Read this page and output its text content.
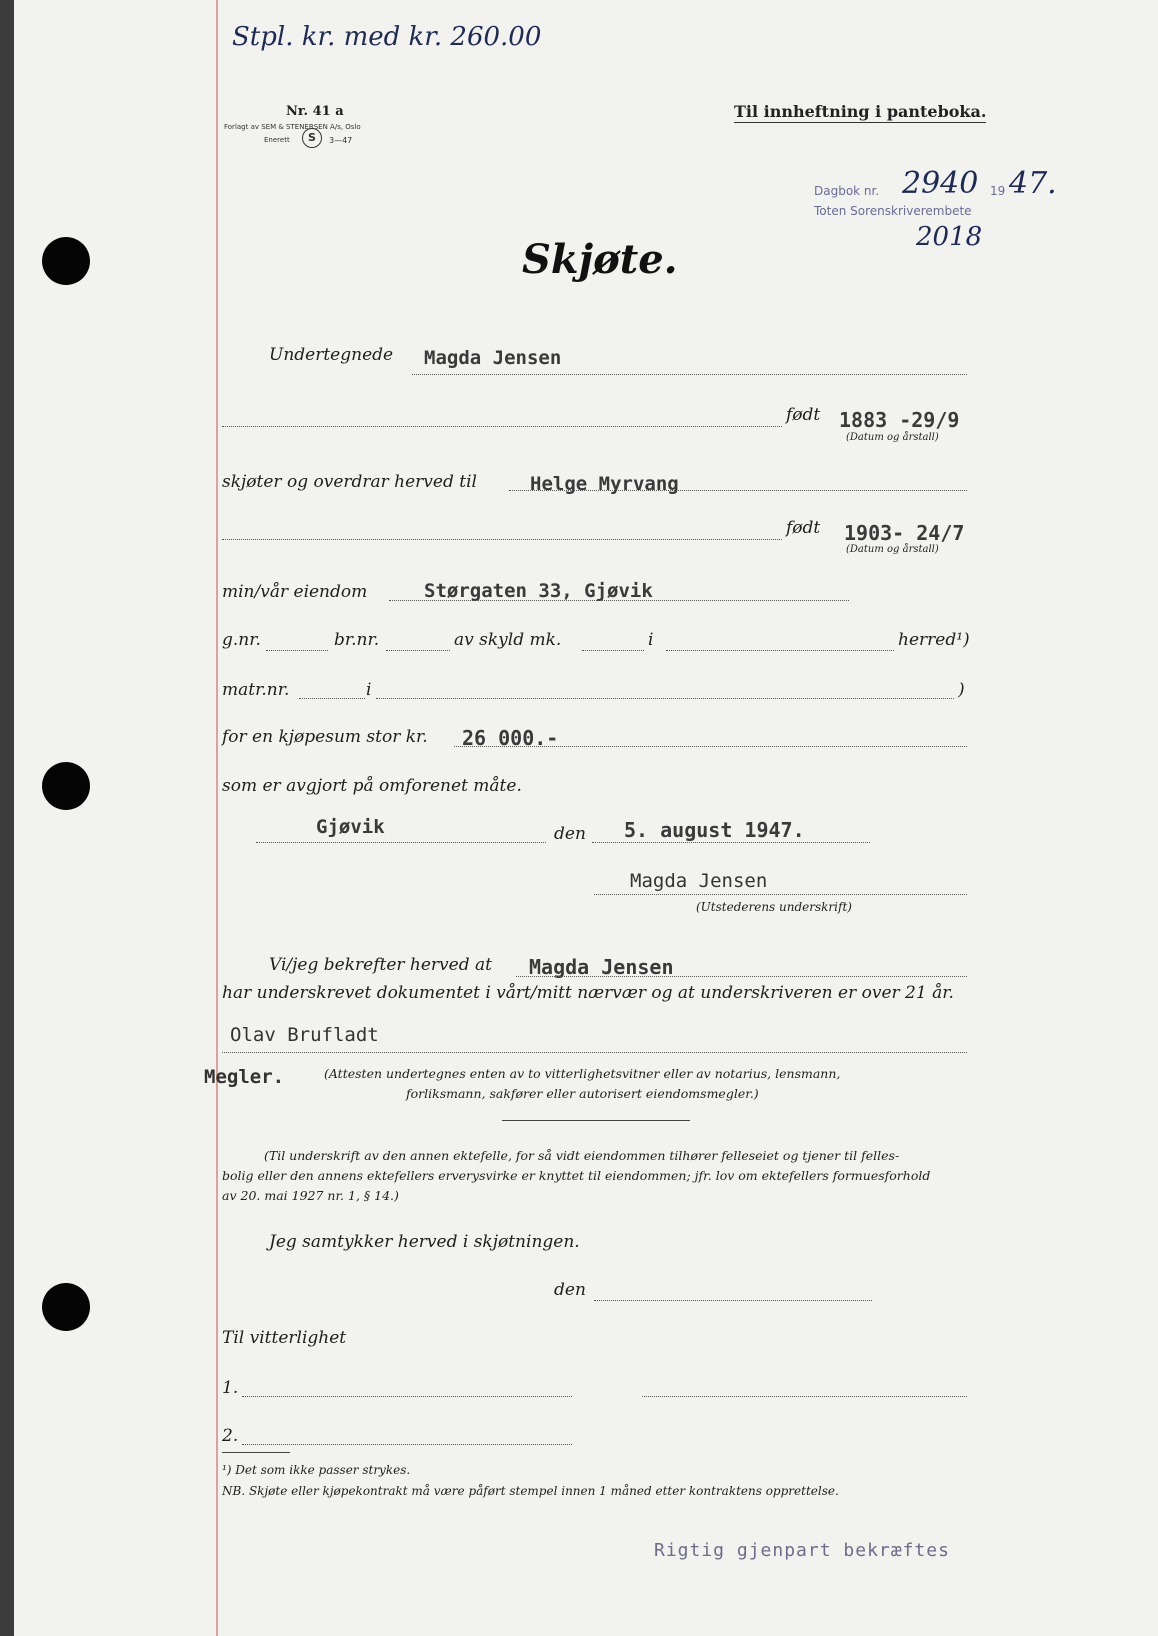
Stpl. kr. med kr. 260.00
Nr. 41 a
Forlagt av SEM & STENERSEN A/s, Oslo
Enerett	S	3—47
Til innheftning i panteboka.
Dagbok nr. 2940 19 47.
Toten Sorenskriverembete
2018
Skjøte.
Undertegnede Magda Jensen
født 1883 -29/9
(Datum og årstall)
skjøter og overdrar herved til	Helge Myrvang
født 1903- 24/7
(Datum og årstall)
min/vår eiendom	Størgaten 33, Gjøvik
g.nr.	br.nr.	av skyld mk.	i	herred¹)
matr.nr.	i	)
for en kjøpesum stor kr. 26 000.-
som er avgjort på omforenet måte.
Gjøvik	den 5. august 1947.
Magda Jensen
(Utstederens underskrift)
Vi/jeg bekrefter herved at Magda Jensen
har underskrevet dokumentet i vårt/mitt nærvær og at underskriveren er over 21 år.
Olav Brufladt
Megler.	(Attesten undertegnes enten av to vitterlighetsvitner eller av notarius, lensmann,
forliksmann, sakfører eller autorisert eiendomsmegler.)
(Til underskrift av den annen ektefelle, for så vidt eiendommen tilhører felleseiet og tjener til felles-
bolig eller den annens ektefellers erverysvirke er knyttet til eiendommen; jfr. lov om ektefellers formuesforhold
av 20. mai 1927 nr. 1, § 14.)
Jeg samtykker herved i skjøtningen.
den
Til vitterlighet
1.
2.
¹) Det som ikke passer strykes.
NB. Skjøte eller kjøpekontrakt må være påført stempel innen 1 måned etter kontraktens opprettelse.
Rigtig gjenpart bekræftes
